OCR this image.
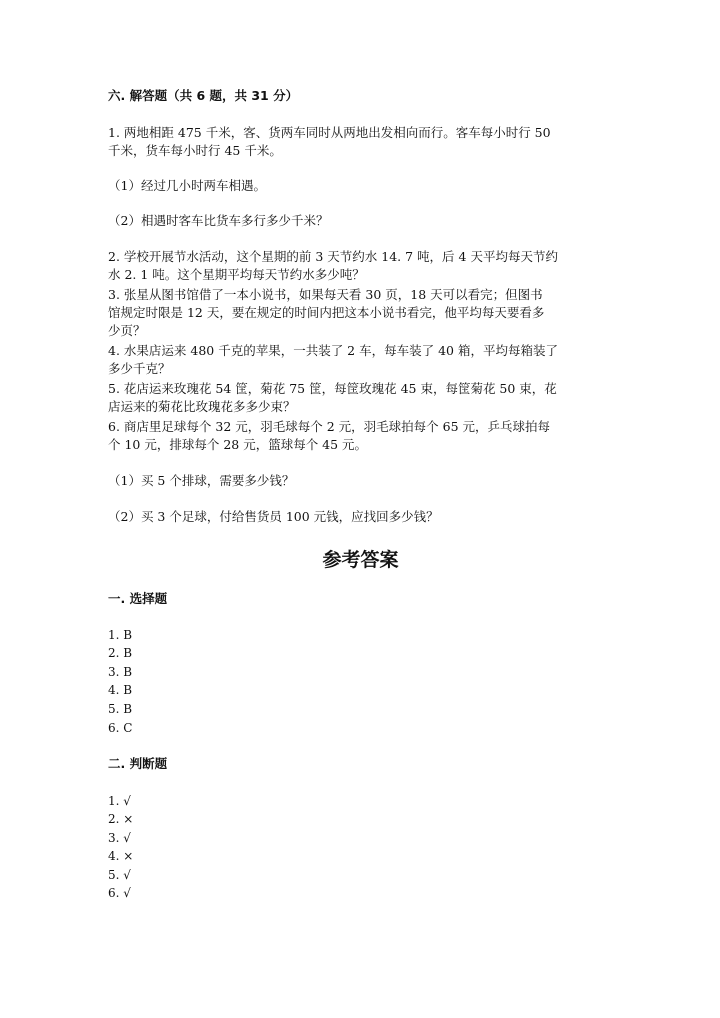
六. 解答题（共 6 题，共 31 分）
1. 两地相距 475 千米，客、货两车同时从两地出发相向而行。客车每小时行 50
千米，货车每小时行 45 千米。
（1）经过几小时两车相遇。
（2）相遇时客车比货车多行多少千米？
2. 学校开展节水活动，这个星期的前 3 天节约水 14. 7 吨，后 4 天平均每天节约
水 2. 1 吨。这个星期平均每天节约水多少吨？
3. 张星从图书馆借了一本小说书，如果每天看 30 页，18 天可以看完；但图书
馆规定时限是 12 天，要在规定的时间内把这本小说书看完，他平均每天要看多
少页？
4. 水果店运来 480 千克的苹果，一共装了 2 车，每车装了 40 箱，平均每箱装了
多少千克？
5. 花店运来玫瑰花 54 筐，菊花 75 筐，每筐玫瑰花 45 束，每筐菊花 50 束，花
店运来的菊花比玫瑰花多多少束？
6. 商店里足球每个 32 元，羽毛球每个 2 元，羽毛球拍每个 65 元，乒乓球拍每
个 10 元，排球每个 28 元，篮球每个 45 元。
（1）买 5 个排球，需要多少钱？
（2）买 3 个足球，付给售货员 100 元钱，应找回多少钱？
参考答案
一. 选择题
1. B
2. B
3. B
4. B
5. B
6. C
二. 判断题
1. √
2. ×
3. √
4. ×
5. √
6. √
